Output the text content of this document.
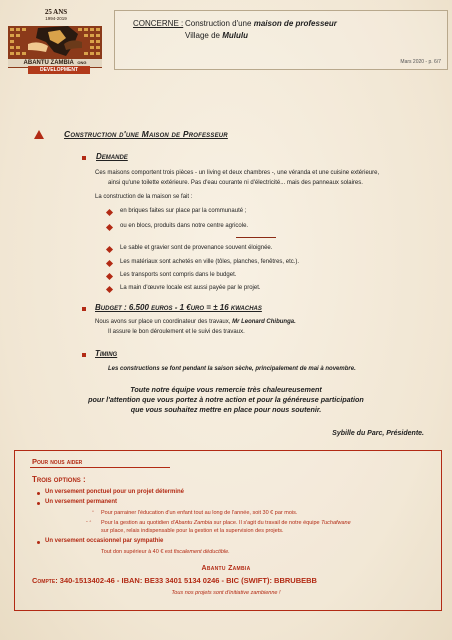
25 ANS
1994-2019
ABANTU ZAMBIA ONG
DEVELOPMENT
CONCERNE : Construction d'une maison de professeur
Village de Mululu
Mars 2020 - p. 6/7
Construction d'une Maison de Professeur
Demande
Ces maisons comportent trois pièces - un living et deux chambres -, une véranda et une cuisine extérieure,
ainsi qu'une toilette extérieure. Pas d'eau courante ni d'électricité... mais des panneaux solaires.
La construction de la maison se fait :
en briques faites sur place par la communauté ;
ou en blocs, produits dans notre centre agricole.
Le sable et gravier sont de provenance souvent éloignée.
Les matériaux sont achetés en ville (tôles, planches, fenêtres, etc.).
Les transports sont compris dans le budget.
La main d'œuvre locale est aussi payée par le projet.
Budget : 6.500 euros - 1 €uro = ± 16 kwachas
Nous avons sur place un coordinateur des travaux, Mr Leonard Chibunga.
Il assure le bon déroulement et le suivi des travaux.
Timing
Les constructions se font pendant la saison sèche, principalement de mai à novembre.
Toute notre équipe vous remercie très chaleureusement
pour l'attention que vous portez à notre action et pour la généreuse participation
que vous souhaitez mettre en place pour nous soutenir.
Sybille du Parc, Présidente.
Pour nous aider
Trois options :
Un versement ponctuel pour un projet déterminé
Un versement permanent
◦ Pour parrainer l'éducation d'un enfant tout au long de l'année, soit 30 € par mois.
- ◦ Pour la gestion au quotidien d'Abantu Zambia sur place. Il s'agit du travail de notre équipe Tuchafwane
sur place, relais indispensable pour la gestion et la supervision des projets.
Un versement occasionnel par sympathie
Tout don supérieur à 40 € est fiscalement déductible.
Abantu Zambia
Compte: 340-1513402-46 - IBAN: BE33 3401 5134 0246 - BIC (SWIFT): BBRUBEBB
Tous nos projets sont d'initiative zambienne !
